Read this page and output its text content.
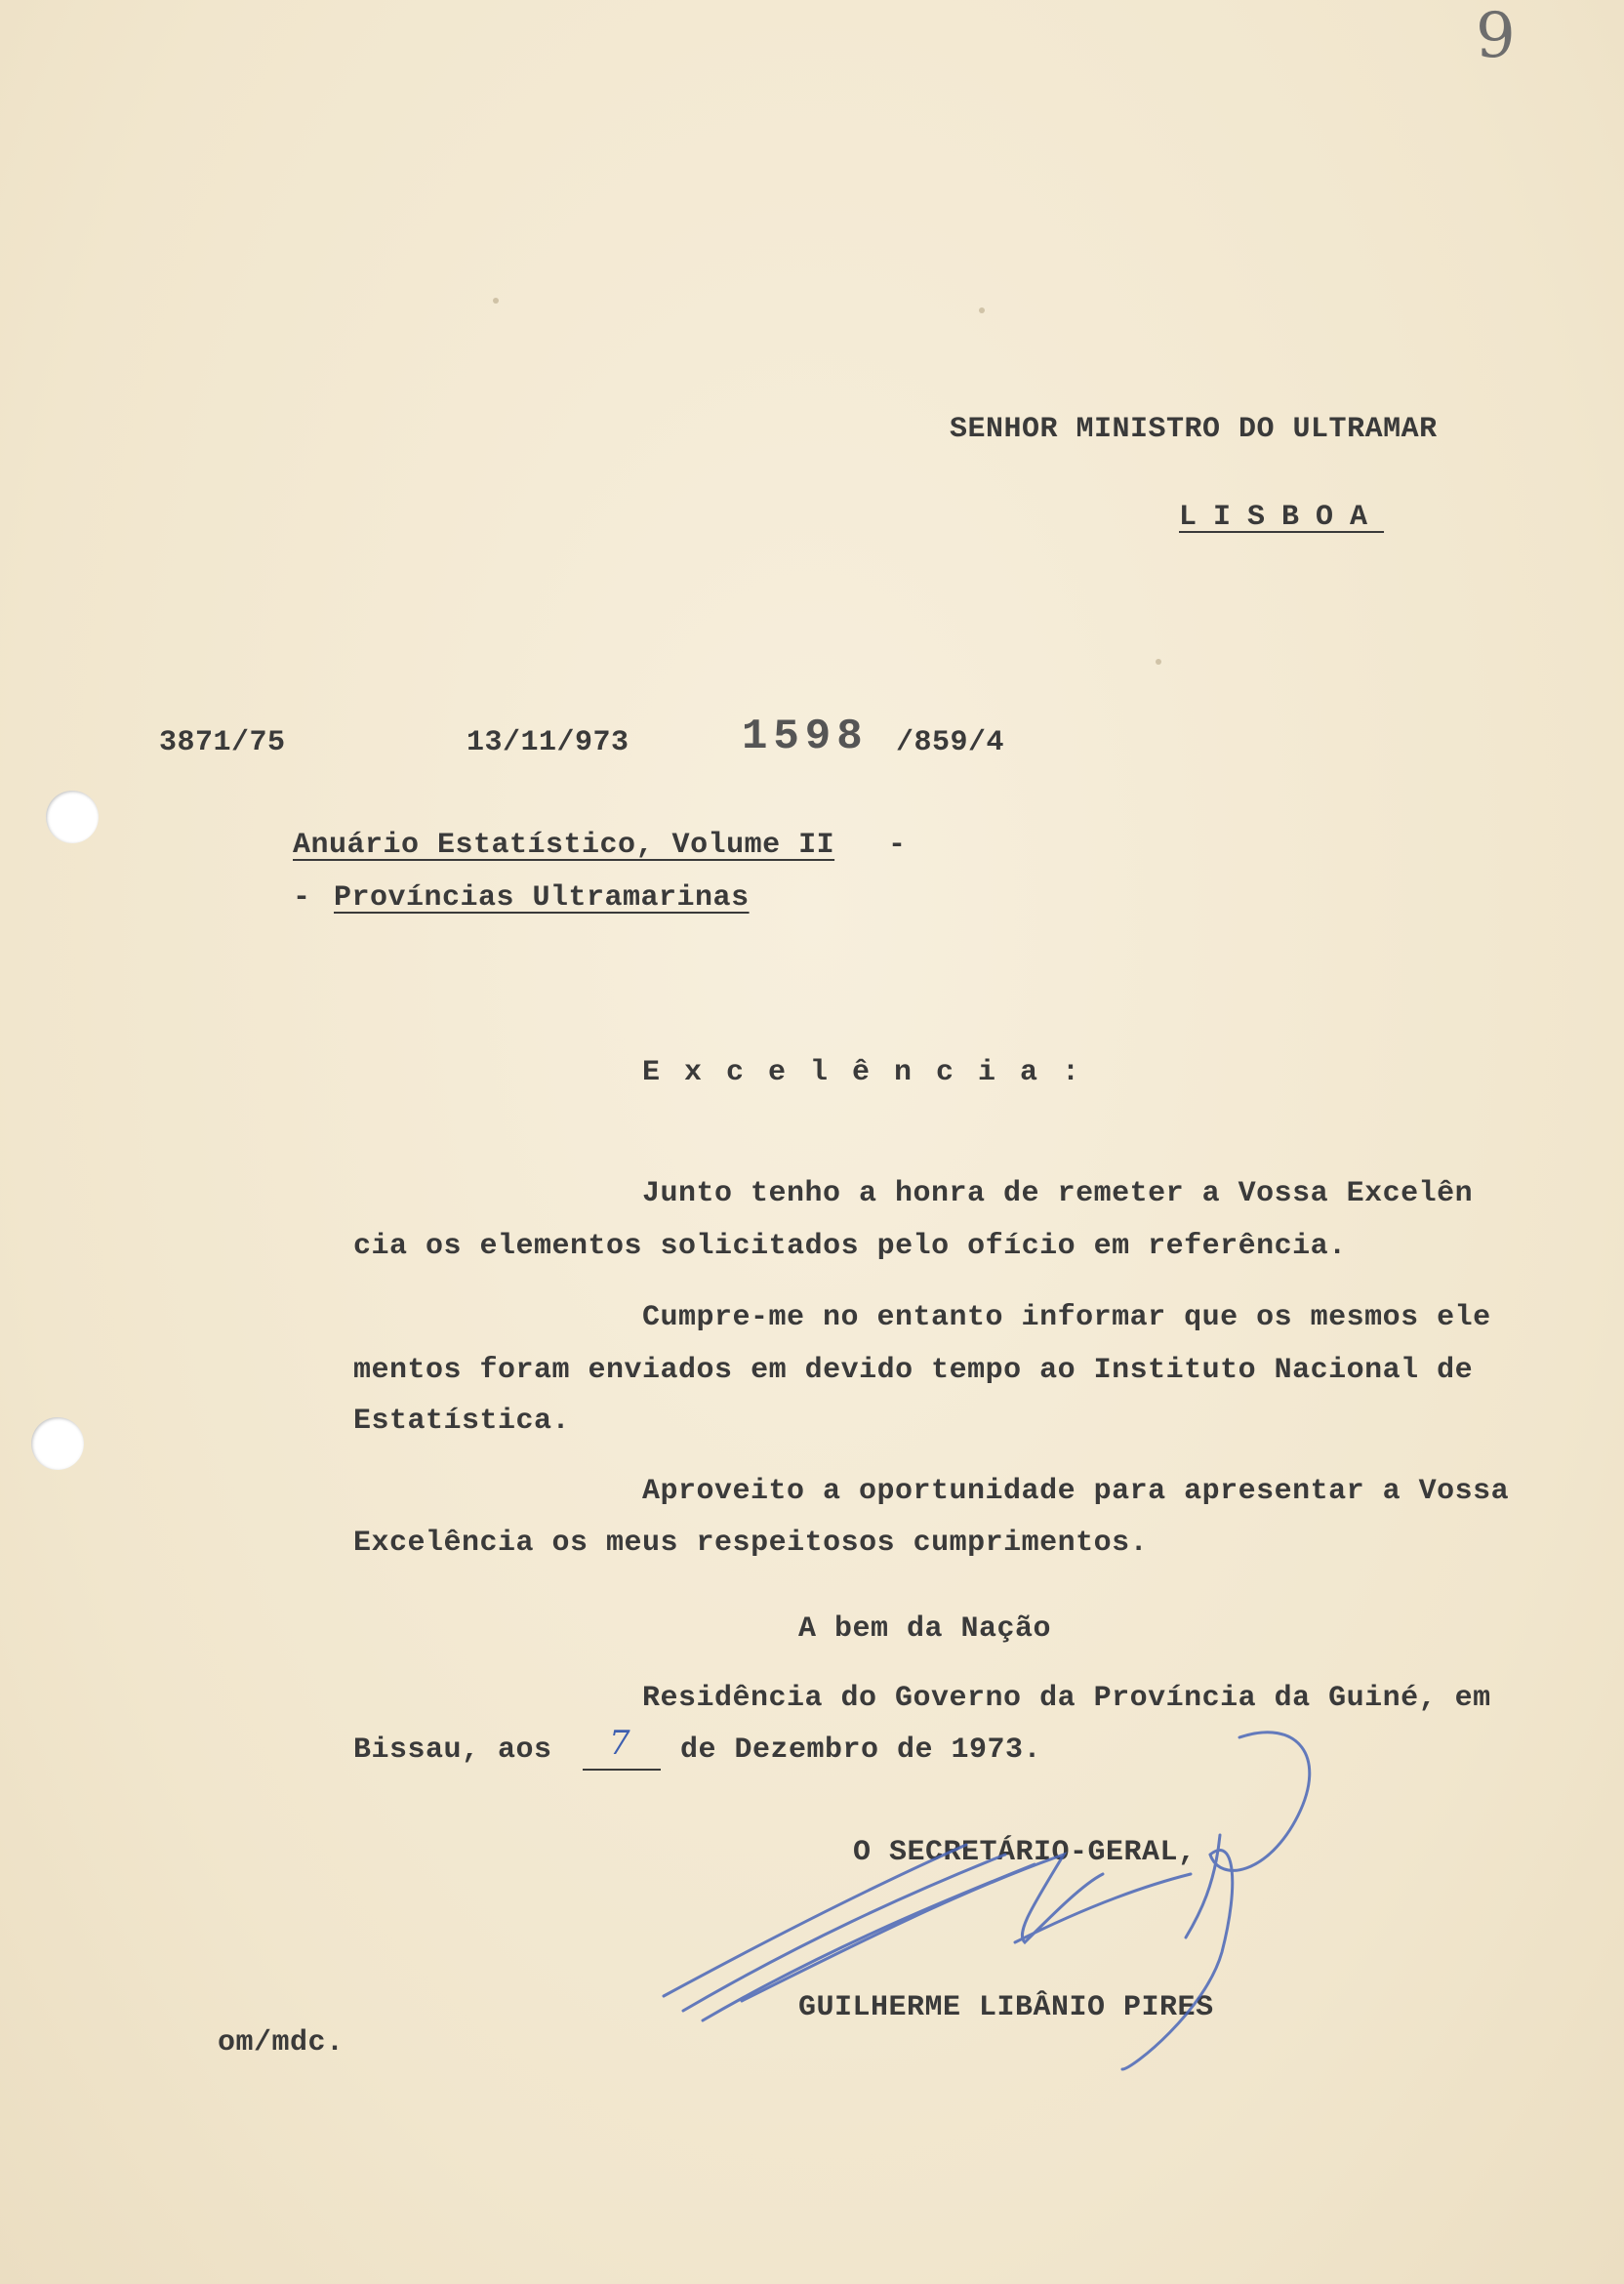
9
SENHOR MINISTRO DO ULTRAMAR
LISBOA
3871/75	13/11/973	1598 /859/4
Anuário Estatístico, Volume II -
- Províncias Ultramarinas
Excelência:
Junto tenho a honra de remeter a Vossa Excelên
cia os elementos solicitados pelo ofício em referência.
Cumpre-me no entanto informar que os mesmos ele
mentos foram enviados em devido tempo ao Instituto Nacional de
Estatística.
Aproveito a oportunidade para apresentar a Vossa
Excelência os meus respeitosos cumprimentos.
A bem da Nação
Residência do Governo da Província da Guiné, em
Bissau, aos 7 de Dezembro de 1973.
O SECRETÁRIO-GERAL,
GUILHERME LIBÂNIO PIRES
om/mdc.
